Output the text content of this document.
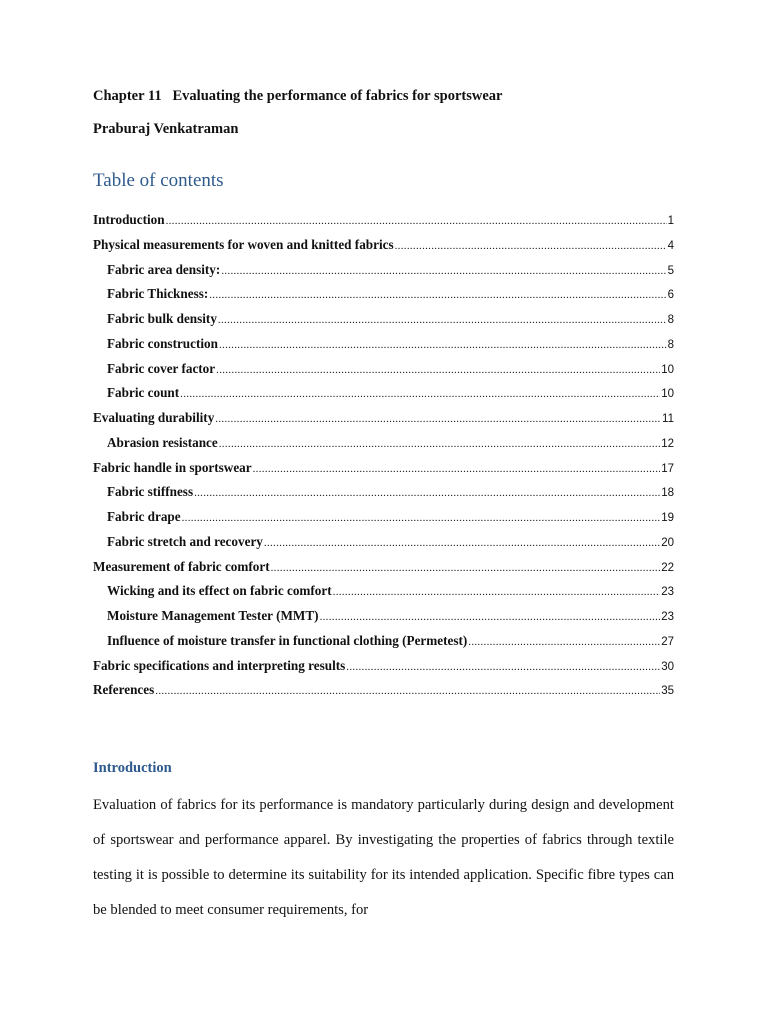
Chapter 11   Evaluating the performance of fabrics for sportswear
Praburaj Venkatraman
Table of contents
Introduction .....	1
Physical measurements for woven and knitted fabrics .....	4
Fabric area density: .....	5
Fabric Thickness: .....	6
Fabric bulk density .....	8
Fabric construction .....	8
Fabric cover factor .....	10
Fabric count .....	10
Evaluating durability .....	11
Abrasion resistance .....	12
Fabric handle in sportswear .....	17
Fabric stiffness .....	18
Fabric drape .....	19
Fabric stretch and recovery .....	20
Measurement of fabric comfort .....	22
Wicking and its effect on fabric comfort .....	23
Moisture Management Tester (MMT) .....	23
Influence of moisture transfer in functional clothing (Permetest) .....	27
Fabric specifications and interpreting results .....	30
References .....	35
Introduction

Evaluation of fabrics for its performance is mandatory particularly during design and development of sportswear and performance apparel. By investigating the properties of fabrics through textile testing it is possible to determine its suitability for its intended application. Specific fibre types can be blended to meet consumer requirements, for
